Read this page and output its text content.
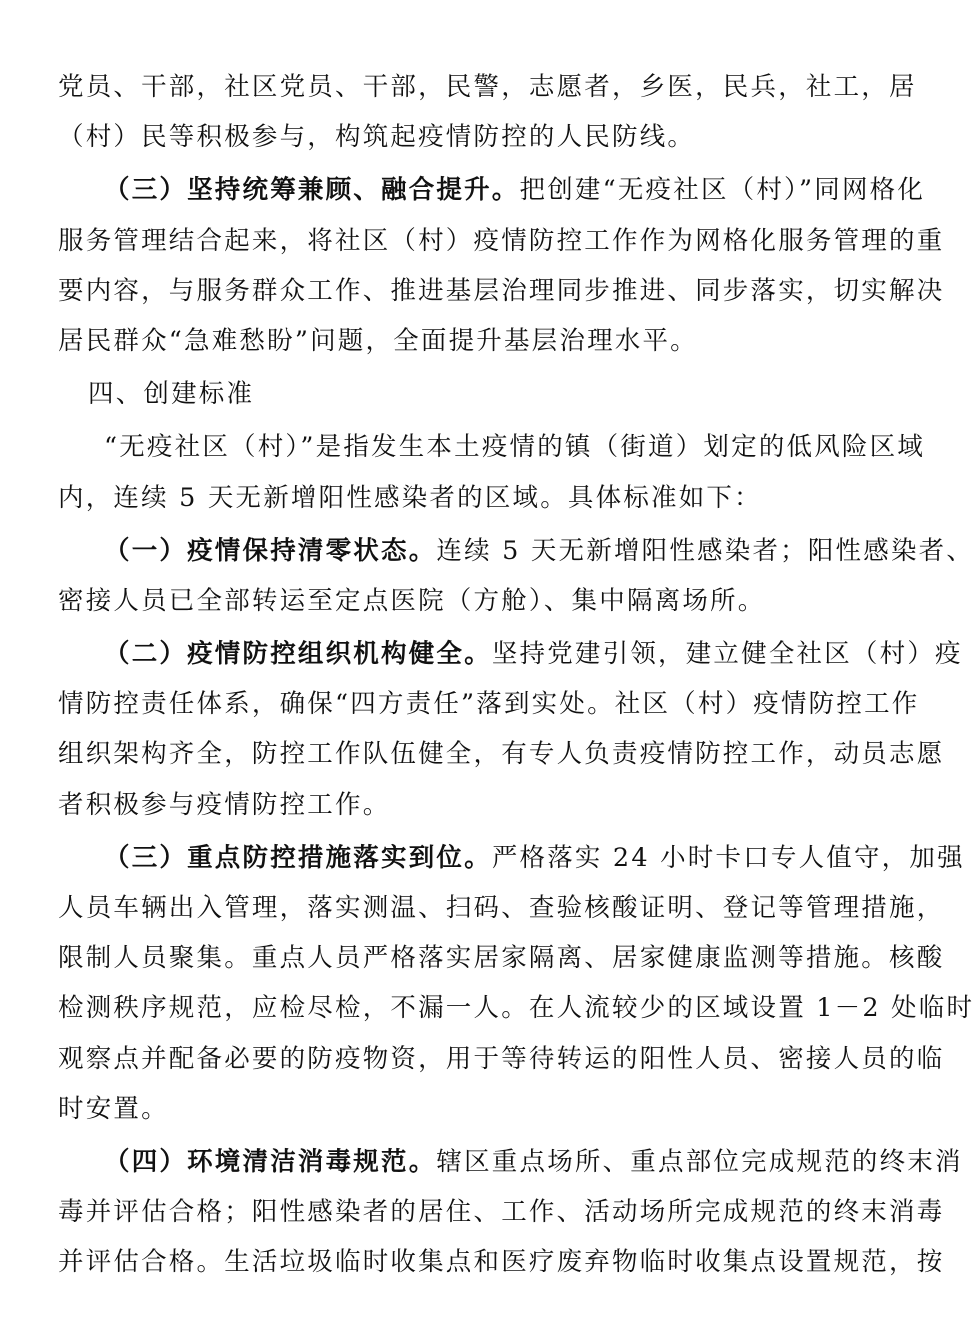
党员、干部，社区党员、干部，民警，志愿者，乡医，民兵，社工，居
（村）民等积极参与，构筑起疫情防控的人民防线。
（三）坚持统筹兼顾、融合提升。把创建“无疫社区（村）”同网格化
服务管理结合起来，将社区（村）疫情防控工作作为网格化服务管理的重
要内容，与服务群众工作、推进基层治理同步推进、同步落实，切实解决
居民群众“急难愁盼”问题，全面提升基层治理水平。
四、创建标准
“无疫社区（村）”是指发生本土疫情的镇（街道）划定的低风险区域
内，连续 5 天无新增阳性感染者的区域。具体标准如下：
（一）疫情保持清零状态。连续 5 天无新增阳性感染者；阳性感染者、
密接人员已全部转运至定点医院（方舱）、集中隔离场所。
（二）疫情防控组织机构健全。坚持党建引领，建立健全社区（村）疫
情防控责任体系，确保“四方责任”落到实处。社区（村）疫情防控工作
组织架构齐全，防控工作队伍健全，有专人负责疫情防控工作，动员志愿
者积极参与疫情防控工作。
（三）重点防控措施落实到位。严格落实 24 小时卡口专人值守，加强
人员车辆出入管理，落实测温、扫码、查验核酸证明、登记等管理措施，
限制人员聚集。重点人员严格落实居家隔离、居家健康监测等措施。核酸
检测秩序规范，应检尽检，不漏一人。在人流较少的区域设置 1－2 处临时
观察点并配备必要的防疫物资，用于等待转运的阳性人员、密接人员的临
时安置。
（四）环境清洁消毒规范。辖区重点场所、重点部位完成规范的终末消
毒并评估合格；阳性感染者的居住、工作、活动场所完成规范的终末消毒
并评估合格。生活垃圾临时收集点和医疗废弃物临时收集点设置规范，按
